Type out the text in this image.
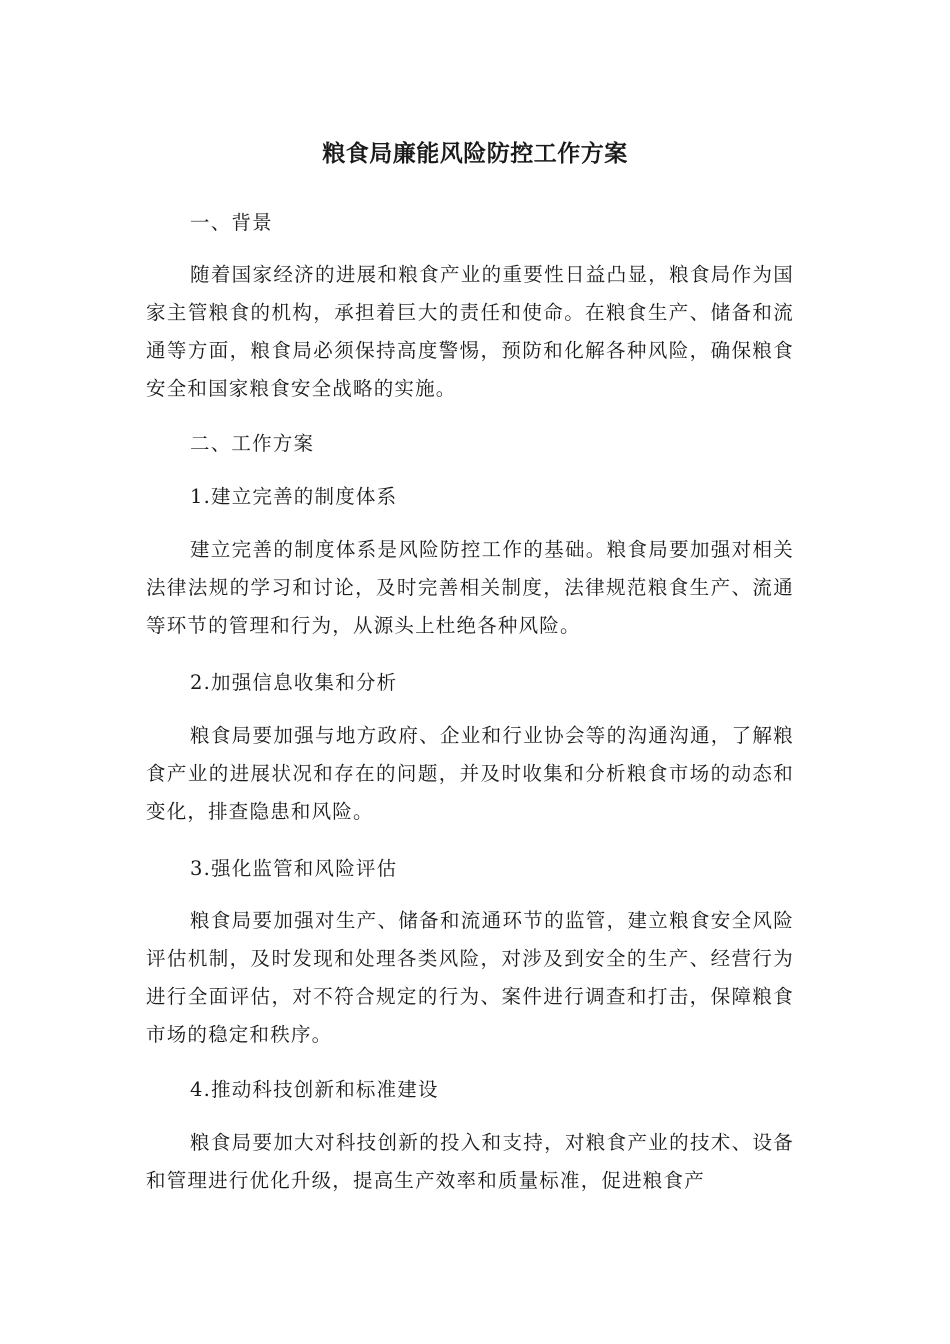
粮食局廉能风险防控工作方案

一、背景

随着国家经济的进展和粮食产业的重要性日益凸显，粮食局作为国家主管粮食的机构，承担着巨大的责任和使命。在粮食生产、储备和流通等方面，粮食局必须保持高度警惕，预防和化解各种风险，确保粮食安全和国家粮食安全战略的实施。

二、工作方案

1.建立完善的制度体系

建立完善的制度体系是风险防控工作的基础。粮食局要加强对相关法律法规的学习和讨论，及时完善相关制度，法律规范粮食生产、流通等环节的管理和行为，从源头上杜绝各种风险。

2.加强信息收集和分析

粮食局要加强与地方政府、企业和行业协会等的沟通沟通，了解粮食产业的进展状况和存在的问题，并及时收集和分析粮食市场的动态和变化，排查隐患和风险。

3.强化监管和风险评估

粮食局要加强对生产、储备和流通环节的监管，建立粮食安全风险评估机制，及时发现和处理各类风险，对涉及到安全的生产、经营行为进行全面评估，对不符合规定的行为、案件进行调查和打击，保障粮食市场的稳定和秩序。

4.推动科技创新和标准建设

粮食局要加大对科技创新的投入和支持，对粮食产业的技术、设备和管理进行优化升级，提高生产效率和质量标准，促进粮食产
